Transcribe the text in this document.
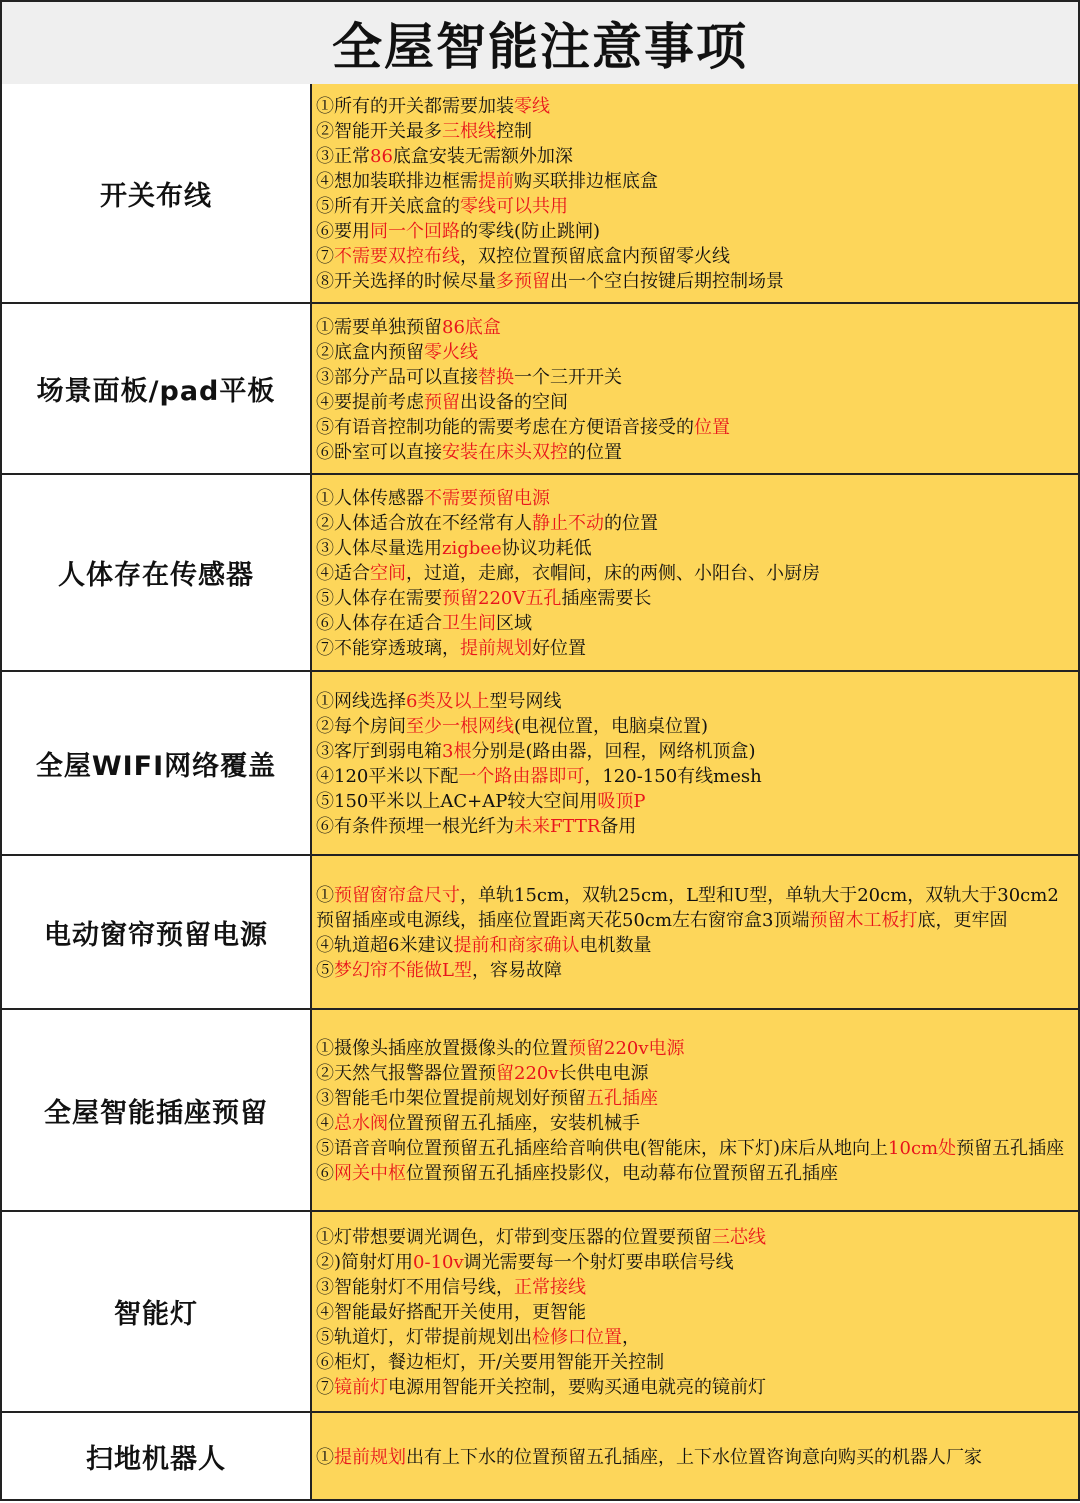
全屋智能注意事项
开关布线
①所有的开关都需要加装零线
②智能开关最多三根线控制
③正常86底盒安装无需额外加深
④想加装联排边框需提前购买联排边框底盒
⑤所有开关底盒的零线可以共用
⑥要用同一个回路的零线(防止跳闸)
⑦不需要双控布线，双控位置预留底盒内预留零火线
⑧开关选择的时候尽量多预留出一个空白按键后期控制场景
场景面板/pad平板
①需要单独预留86底盒
②底盒内预留零火线
③部分产品可以直接替换一个三开开关
④要提前考虑预留出设备的空间
⑤有语音控制功能的需要考虑在方便语音接受的位置
⑥卧室可以直接安装在床头双控的位置
人体存在传感器
①人体传感器不需要预留电源
②人体适合放在不经常有人静止不动的位置
③人体尽量选用zigbee协议功耗低
④适合空间，过道，走廊，衣帽间，床的两侧、小阳台、小厨房
⑤人体存在需要预留220V五孔插座需要长
⑥人体存在适合卫生间区域
⑦不能穿透玻璃，提前规划好位置
全屋WIFI网络覆盖
①网线选择6类及以上型号网线
②每个房间至少一根网线(电视位置，电脑桌位置)
③客厅到弱电箱3根分别是(路由器，回程，网络机顶盒)
④120平米以下配一个路由器即可，120-150有线mesh
⑤150平米以上AC+AP较大空间用吸顶P
⑥有条件预埋一根光纤为未来FTTR备用
电动窗帘预留电源
①预留窗帘盒尺寸，单轨15cm，双轨25cm，L型和U型，单轨大于20cm，双轨大于30cm2预留插座或电源线，插座位置距离天花50cm左右窗帘盒3顶端预留木工板打底，更牢固
④轨道超6米建议提前和商家确认电机数量
⑤梦幻帘不能做L型，容易故障
全屋智能插座预留
①摄像头插座放置摄像头的位置预留220v电源
②天然气报警器位置预留220v长供电电源
③智能毛巾架位置提前规划好预留五孔插座
④总水阀位置预留五孔插座，安装机械手
⑤语音音响位置预留五孔插座给音响供电(智能床，床下灯)床后从地向上10cm处预留五孔插座
⑥网关中枢位置预留五孔插座投影仪，电动幕布位置预留五孔插座
智能灯
①灯带想要调光调色，灯带到变压器的位置要预留三芯线
②)简射灯用0-10v调光需要每一个射灯要串联信号线
③智能射灯不用信号线，正常接线
④智能最好搭配开关使用，更智能
⑤轨道灯，灯带提前规划出检修口位置，
⑥柜灯，餐边柜灯，开/关要用智能开关控制
⑦镜前灯电源用智能开关控制，要购买通电就亮的镜前灯
扫地机器人	①提前规划出有上下水的位置预留五孔插座，上下水位置咨询意向购买的机器人厂家
